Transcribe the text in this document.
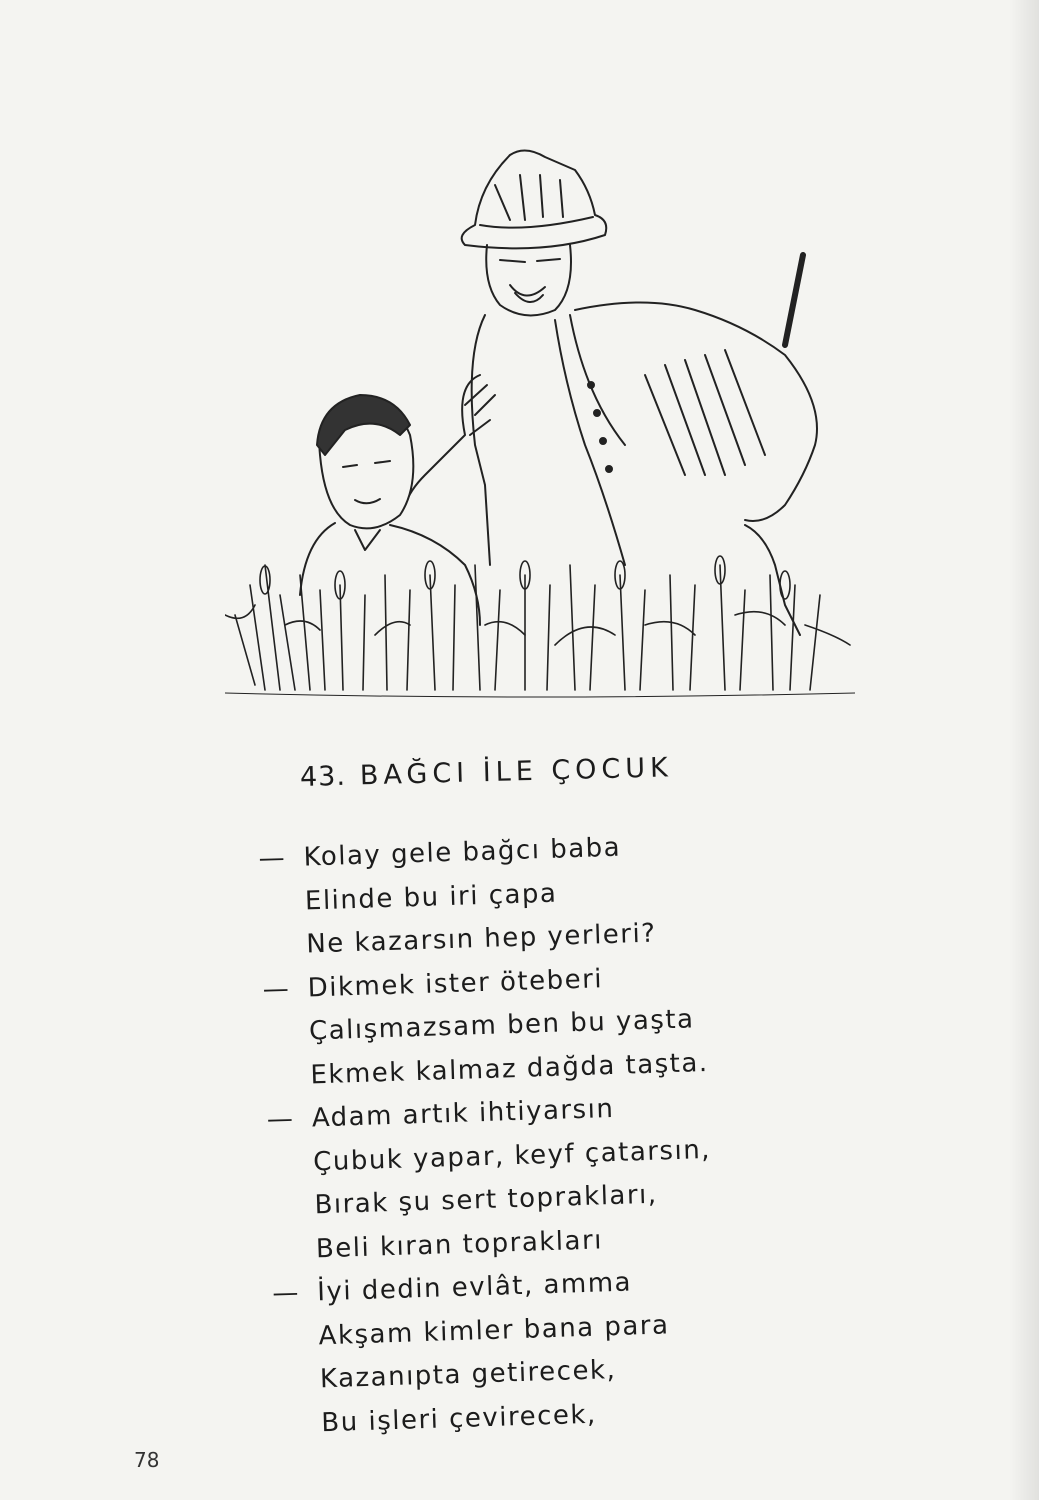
43. BAĞCI İLE ÇOCUK
— Kolay gele bağcı baba
Elinde bu iri çapa
Ne kazarsın hep yerleri?
— Dikmek ister öteberi
Çalışmazsam ben bu yaşta
Ekmek kalmaz dağda taşta.
— Adam artık ihtiyarsın
Çubuk yapar, keyf çatarsın,
Bırak şu sert toprakları,
Beli kıran toprakları
— İyi dedin evlât, amma
Akşam kimler bana para
Kazanıpta getirecek,
Bu işleri çevirecek,
78
